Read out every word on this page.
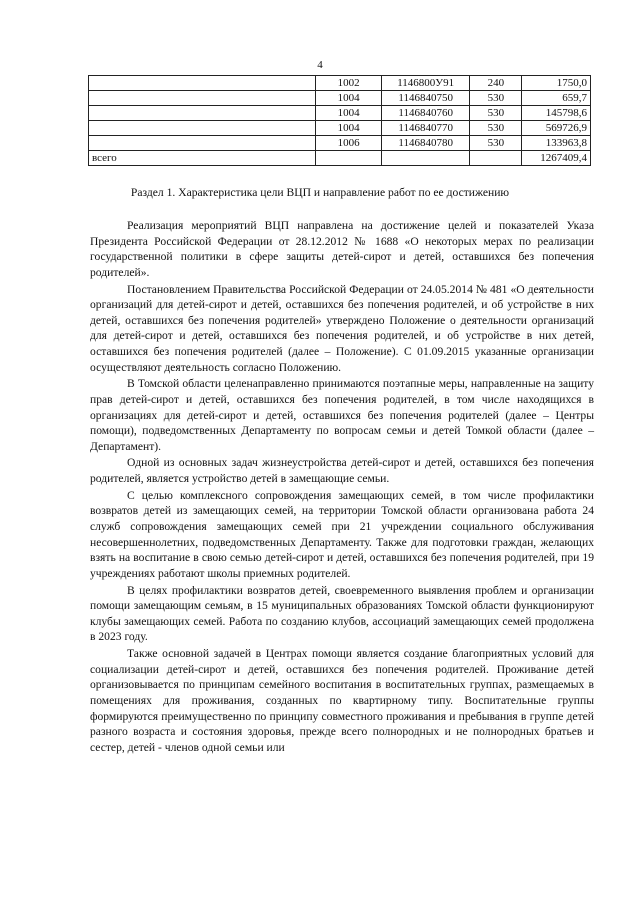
4
	1002	1146800У91	240	1750,0
	1004	1146840750	530	659,7
	1004	1146840760	530	145798,6
	1004	1146840770	530	569726,9
	1006	1146840780	530	133963,8
всего				1267409,4
Раздел 1. Характеристика цели ВЦП и направление работ по ее достижению

Реализация мероприятий ВЦП направлена на достижение целей и показателей Указа Президента Российской Федерации от 28.12.2012 № 1688 «О некоторых мерах по реализации государственной политики в сфере защиты детей-сирот и детей, оставшихся без попечения родителей».

Постановлением Правительства Российской Федерации от 24.05.2014 № 481 «О деятельности организаций для детей-сирот и детей, оставшихся без попечения родителей, и об устройстве в них детей, оставшихся без попечения родителей» утверждено Положение о деятельности организаций для детей-сирот и детей, оставшихся без попечения родителей, и об устройстве в них детей, оставшихся без попечения родителей (далее – Положение). С 01.09.2015 указанные организации осуществляют деятельность согласно Положению.

В Томской области целенаправленно принимаются поэтапные меры, направленные на защиту прав детей-сирот и детей, оставшихся без попечения родителей, в том числе находящихся в организациях для детей-сирот и детей, оставшихся без попечения родителей (далее – Центры помощи), подведомственных Департаменту по вопросам семьи и детей Томкой области (далее – Департамент).

Одной из основных задач жизнеустройства детей-сирот и детей, оставшихся без попечения родителей, является устройство детей в замещающие семьи.

С целью комплексного сопровождения замещающих семей, в том числе профилактики возвратов детей из замещающих семей, на территории Томской области организована работа 24 служб сопровождения замещающих семей при 21 учреждении социального обслуживания несовершеннолетних, подведомственных Департаменту. Также для подготовки граждан, желающих взять на воспитание в свою семью детей-сирот и детей, оставшихся без попечения родителей, при 19 учреждениях работают школы приемных родителей.

В целях профилактики возвратов детей, своевременного выявления проблем и организации помощи замещающим семьям, в 15 муниципальных образованиях Томской области функционируют клубы замещающих семей. Работа по созданию клубов, ассоциаций замещающих семей продолжена в 2023 году.

Также основной задачей в Центрах помощи является создание благоприятных условий для социализации детей-сирот и детей, оставшихся без попечения родителей. Проживание детей организовывается по принципам семейного воспитания в воспитательных группах, размещаемых в помещениях для проживания, созданных по квартирному типу. Воспитательные группы формируются преимущественно по принципу совместного проживания и пребывания в группе детей разного возраста и состояния здоровья, прежде всего полнородных и не полнородных братьев и сестер, детей - членов одной семьи или
